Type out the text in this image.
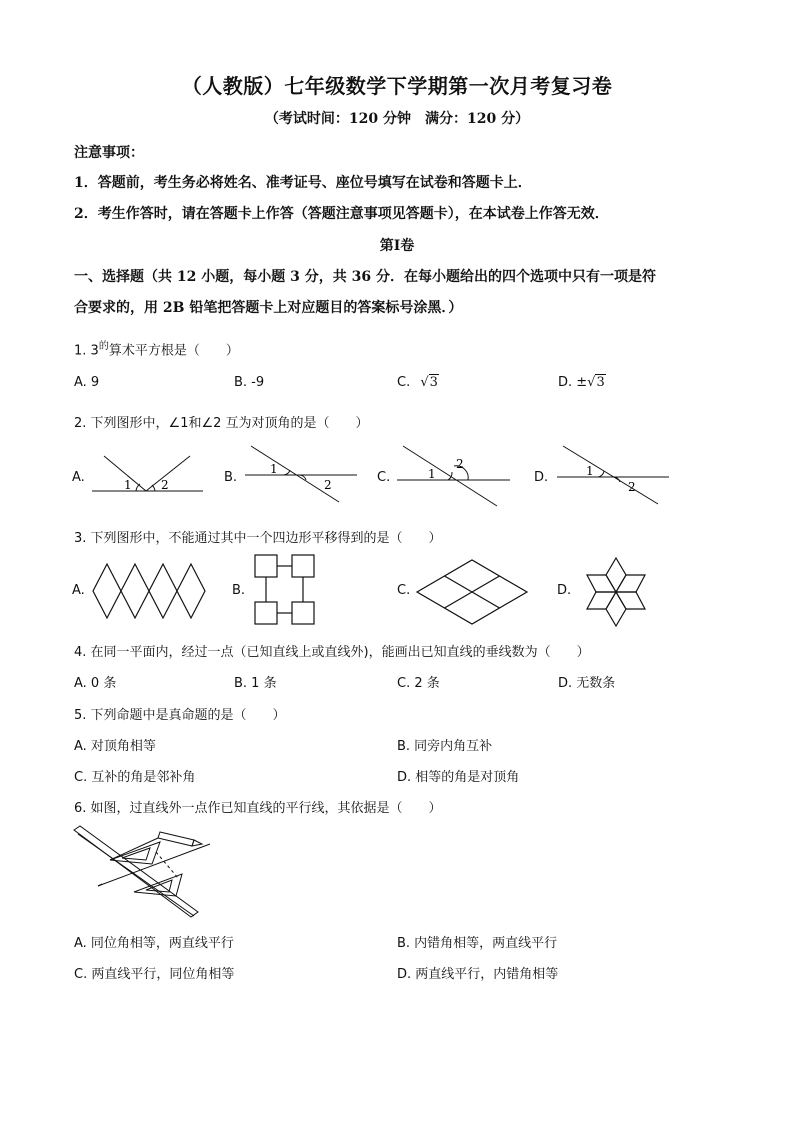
（人教版）七年级数学下学期第一次月考复习卷
（考试时间：120 分钟　满分：120 分）
注意事项：
1．答题前，考生务必将姓名、准考证号、座位号填写在试卷和答题卡上．
2．考生作答时，请在答题卡上作答（答题注意事项见答题卡），在本试卷上作答无效．
第Ⅰ卷
一、选择题（共 12 小题，每小题 3 分，共 36 分．在每小题给出的四个选项中只有一项是符
合要求的，用 2B 铅笔把答题卡上对应题目的答案标号涂黑．）
1. $3^的$算术平方根是（　　）
A. 9	B. -9	C. √3	D. ±√3
2. 下列图形中，∠1和∠2 互为对顶角的是（　　）
A.	B.	C.	D.
1 2
1
2
1
2	1
2
3. 下列图形中，不能通过其中一个四边形平移得到的是（　　）
A.	B.	C.	D.
4. 在同一平面内，经过一点（已知直线上或直线外)，能画出已知直线的垂线数为（　　）
A. 0 条	B. 1 条	C. 2 条	D. 无数条
5. 下列命题中是真命题的是（　　）
A. 对顶角相等	B. 同旁内角互补
C. 互补的角是邻补角	D. 相等的角是对顶角
6. 如图，过直线外一点作已知直线的平行线，其依据是（　　）
A. 同位角相等，两直线平行	B. 内错角相等，两直线平行
C. 两直线平行，同位角相等	D. 两直线平行，内错角相等
